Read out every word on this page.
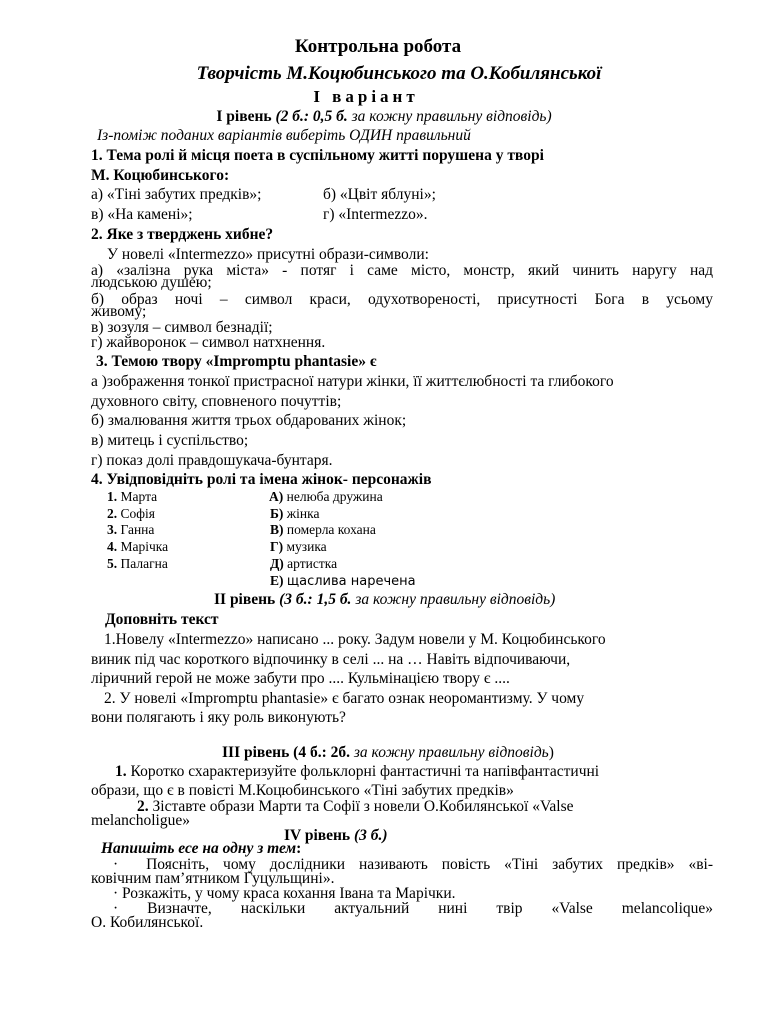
Контрольна робота
Творчість М.Коцюбинського та О.Кобилянської
І варіант
І рівень (2 б.: 0,5 б. за кожну правильну відповідь)
Із-поміж поданих варіантів виберіть ОДИН правильний
1. Тема ролі й місця поета в суспільному житті порушена у творі
М. Коцюбинського:
а) «Тіні забутих предків»;	б) «Цвіт яблуні»;
в) «На камені»;	г) «Intermezzo».
2. Яке з тверджень хибне?
У новелі «Intermezzo» присутні образи-символи:
а) «залізна рука міста» - потяг і саме місто, монстр, який чинить наругу над
людською душею;
б) образ ночі – символ краси, одухотвореності, присутності Бога в усьому
живому;
в) зозуля – символ безнадії;
г) жайворонок – символ натхнення.
3. Темою твору «Impromptu phantasie» є
а )зображення тонкої пристрасної натури жінки, її життєлюбності та глибокого
духовного світу, сповненого почуттів;
б) змалювання життя трьох обдарованих жінок;
в) митець і суспільство;
г) показ долі правдошукача-бунтаря.
4. Увідповідніть ролі та імена жінок- персонажів
1. Марта
2. Софія
3. Ганна
4. Марічка
5. Палагна
А) нелюба дружина
Б) жінка
В) померла кохана
Г) музика
Д) артистка
Е) щаслива наречена
ІІ рівень (3 б.: 1,5 б. за кожну правильну відповідь)
Доповніть текст
1.Новелу «Intermezzo» написано ... року. Задум новели у М. Коцюбинського
виник під час короткого відпочинку в селі ... на … Навіть відпочиваючи,
ліричний герой не може забути про .... Кульмінацією твору є ....
2. У новелі «Impromptu phantasie» є багато ознак неоромантизму. У чому
вони полягають і яку роль виконують?
ІІІ рівень (4 б.: 2б. за кожну правильну відповідь)
1. Коротко схарактеризуйте фольклорні фантастичні та напівфантастичні
образи, що є в повісті М.Коцюбинського «Тіні забутих предків»
2. Зіставте образи Марти та Софії з новели О.Кобилянської «Valse
melancholigue»
ІV рівень (3 б.)
Напишіть есе на одну з тем:
· Поясніть, чому дослідники називають повість «Тіні забутих предків» «ві-
ковічним пам’ятником Гуцульщині».
· Розкажіть, у чому краса кохання Івана та Марічки.
· Визначте, наскільки актуальний нині твір «Valse melancolique»
О. Кобилянської.
